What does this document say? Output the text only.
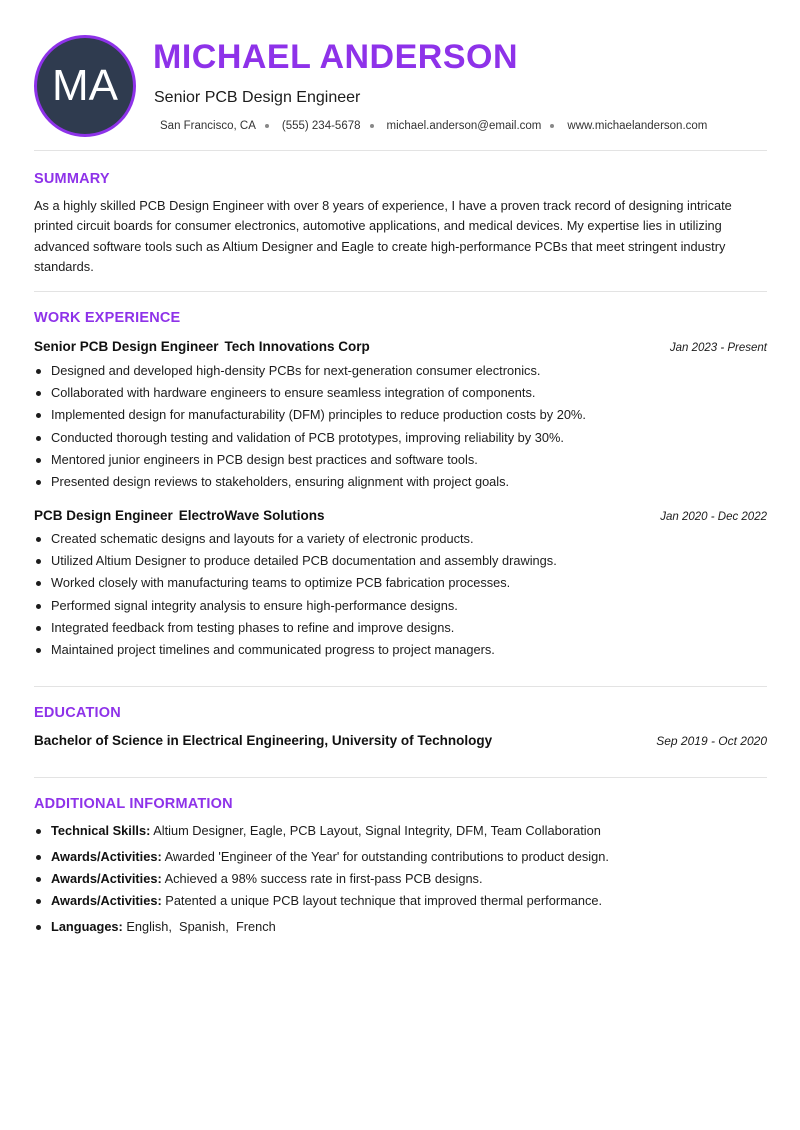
MA
MICHAEL ANDERSON
Senior PCB Design Engineer
San Francisco, CA (555) 234-5678 michael.anderson@email.com www.michaelanderson.com
SUMMARY
As a highly skilled PCB Design Engineer with over 8 years of experience, I have a proven track record of designing intricate printed circuit boards for consumer electronics, automotive applications, and medical devices. My expertise lies in utilizing advanced software tools such as Altium Designer and Eagle to create high-performance PCBs that meet stringent industry standards.
WORK EXPERIENCE
Senior PCB Design Engineer Tech Innovations Corp	Jan 2023 - Present
Designed and developed high-density PCBs for next-generation consumer electronics.
Collaborated with hardware engineers to ensure seamless integration of components.
Implemented design for manufacturability (DFM) principles to reduce production costs by 20%.
Conducted thorough testing and validation of PCB prototypes, improving reliability by 30%.
Mentored junior engineers in PCB design best practices and software tools.
Presented design reviews to stakeholders, ensuring alignment with project goals.
PCB Design Engineer ElectroWave Solutions	Jan 2020 - Dec 2022
Created schematic designs and layouts for a variety of electronic products.
Utilized Altium Designer to produce detailed PCB documentation and assembly drawings.
Worked closely with manufacturing teams to optimize PCB fabrication processes.
Performed signal integrity analysis to ensure high-performance designs.
Integrated feedback from testing phases to refine and improve designs.
Maintained project timelines and communicated progress to project managers.
EDUCATION
Bachelor of Science in Electrical Engineering, University of Technology	Sep 2019 - Oct 2020
ADDITIONAL INFORMATION
Technical Skills: Altium Designer, Eagle, PCB Layout, Signal Integrity, DFM, Team Collaboration
Awards/Activities: Awarded 'Engineer of the Year' for outstanding contributions to product design.
Awards/Activities: Achieved a 98% success rate in first-pass PCB designs.
Awards/Activities: Patented a unique PCB layout technique that improved thermal performance.
Languages: English,  Spanish,  French
